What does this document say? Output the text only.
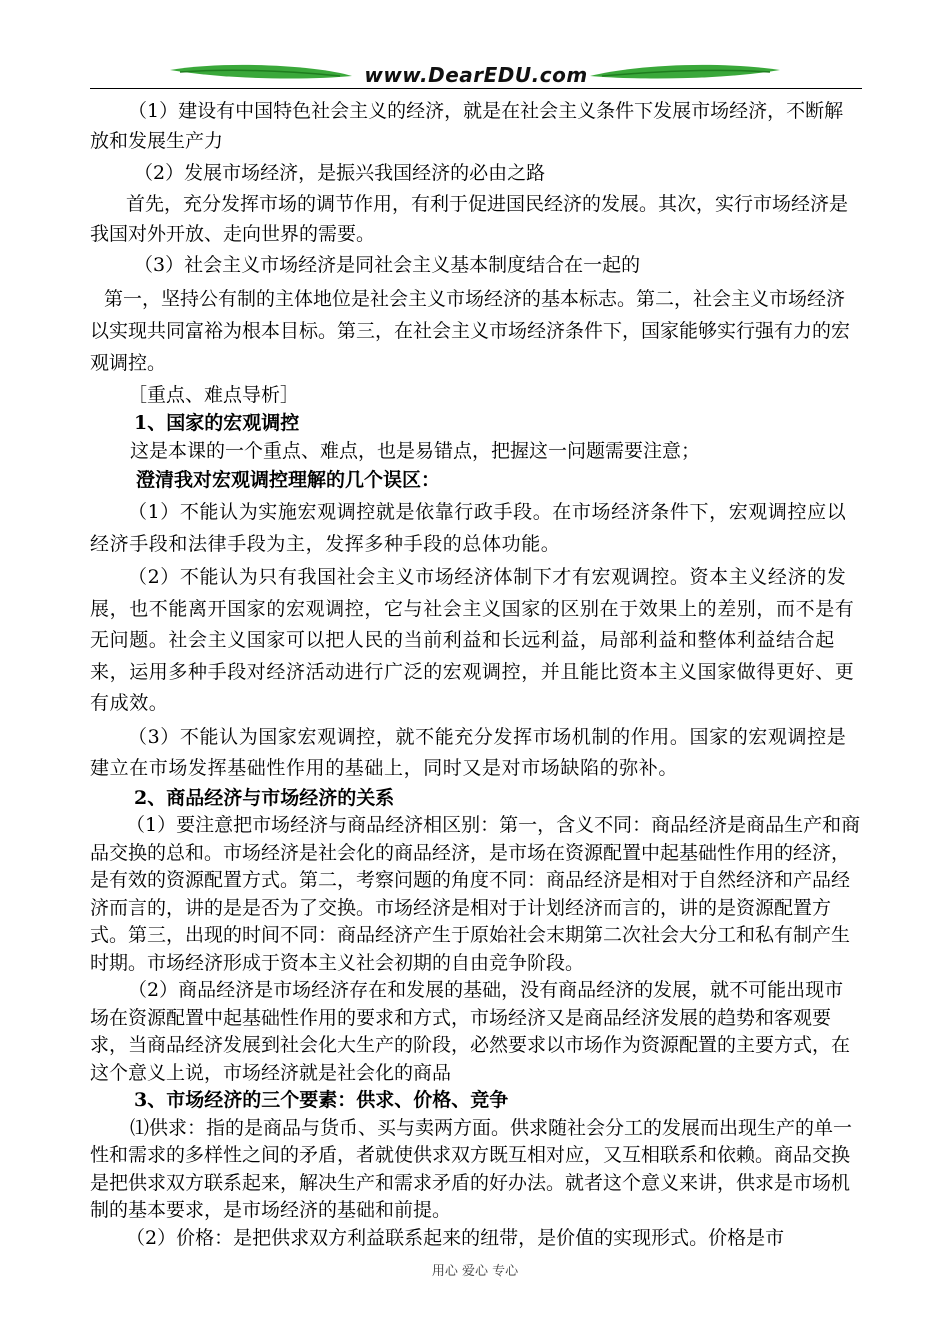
www.DearEDU.com

（1）建设有中国特色社会主义的经济，就是在社会主义条件下发展市场经济，不断解放和发展生产力

（2）发展市场经济，是振兴我国经济的必由之路

首先，充分发挥市场的调节作用，有利于促进国民经济的发展。其次，实行市场经济是我国对外开放、走向世界的需要。

（3）社会主义市场经济是同社会主义基本制度结合在一起的

第一，坚持公有制的主体地位是社会主义市场经济的基本标志。第二，社会主义市场经济以实现共同富裕为根本目标。第三，在社会主义市场经济条件下，国家能够实行强有力的宏观调控。

［重点、难点导析］

1、国家的宏观调控

这是本课的一个重点、难点，也是易错点，把握这一问题需要注意；

澄清我对宏观调控理解的几个误区：

（1）不能认为实施宏观调控就是依靠行政手段。在市场经济条件下，宏观调控应以经济手段和法律手段为主，发挥多种手段的总体功能。

（2）不能认为只有我国社会主义市场经济体制下才有宏观调控。资本主义经济的发展，也不能离开国家的宏观调控，它与社会主义国家的区别在于效果上的差别，而不是有无问题。社会主义国家可以把人民的当前利益和长远利益，局部利益和整体利益结合起来，运用多种手段对经济活动进行广泛的宏观调控，并且能比资本主义国家做得更好、更有成效。

（3）不能认为国家宏观调控，就不能充分发挥市场机制的作用。国家的宏观调控是建立在市场发挥基础性作用的基础上，同时又是对市场缺陷的弥补。

2、商品经济与市场经济的关系

（1）要注意把市场经济与商品经济相区别：第一，含义不同：商品经济是商品生产和商品交换的总和。市场经济是社会化的商品经济，是市场在资源配置中起基础性作用的经济，是有效的资源配置方式。第二，考察问题的角度不同：商品经济是相对于自然经济和产品经济而言的，讲的是是否为了交换。市场经济是相对于计划经济而言的，讲的是资源配置方式。第三，出现的时间不同：商品经济产生于原始社会末期第二次社会大分工和私有制产生时期。市场经济形成于资本主义社会初期的自由竞争阶段。

（2）商品经济是市场经济存在和发展的基础，没有商品经济的发展，就不可能出现市场在资源配置中起基础性作用的要求和方式，市场经济又是商品经济发展的趋势和客观要求，当商品经济发展到社会化大生产的阶段，必然要求以市场作为资源配置的主要方式，在这个意义上说，市场经济就是社会化的商品

3、市场经济的三个要素：供求、价格、竞争

⑴供求：指的是商品与货币、买与卖两方面。供求随社会分工的发展而出现生产的单一性和需求的多样性之间的矛盾，者就使供求双方既互相对应，又互相联系和依赖。商品交换是把供求双方联系起来，解决生产和需求矛盾的好办法。就者这个意义来讲，供求是市场机制的基本要求，是市场经济的基础和前提。

（2）价格：是把供求双方利益联系起来的纽带，是价值的实现形式。价格是市

用心 爱心 专心
